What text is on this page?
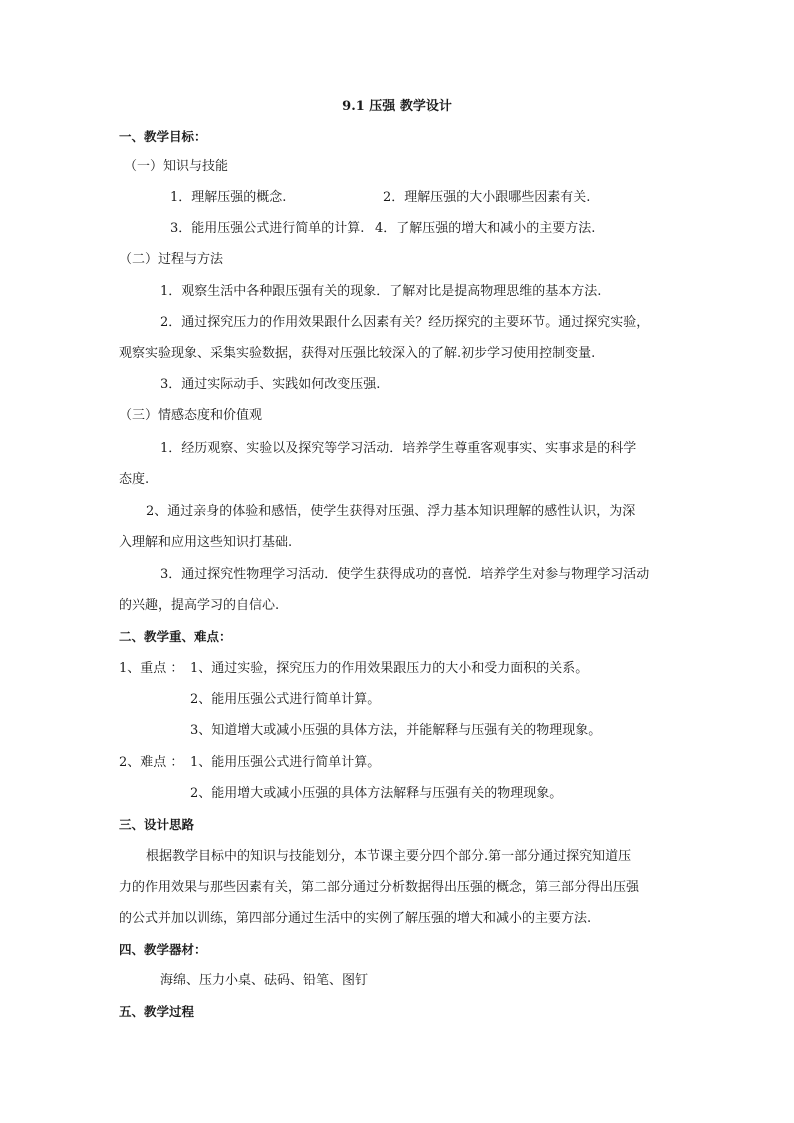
9.1 压强 教学设计
一、教学目标：
（一）知识与技能
1．理解压强的概念.	2．理解压强的大小跟哪些因素有关.
3．能用压强公式进行简单的计算. 4．了解压强的增大和减小的主要方法.
（二）过程与方法
1．观察生活中各种跟压强有关的现象．了解对比是提高物理思维的基本方法.
2．通过探究压力的作用效果跟什么因素有关？经历探究的主要环节。通过探究实验，
观察实验现象、采集实验数据，获得对压强比较深入的了解.初步学习使用控制变量.
3．通过实际动手、实践如何改变压强.
（三）情感态度和价值观
1．经历观察、实验以及探究等学习活动．培养学生尊重客观事实、实事求是的科学
态度.
2、通过亲身的体验和感悟，使学生获得对压强、浮力基本知识理解的感性认识，为深
入理解和应用这些知识打基础.
3．通过探究性物理学习活动．使学生获得成功的喜悦．培养学生对参与物理学习活动
的兴趣，提高学习的自信心.
二、教学重、难点：
1、重点 ： 1、通过实验，探究压力的作用效果跟压力的大小和受力面积的关系。
2、能用压强公式进行简单计算。
3、知道增大或减小压强的具体方法，并能解释与压强有关的物理现象。
2、难点 ： 1、能用压强公式进行简单计算。
2、能用增大或减小压强的具体方法解释与压强有关的物理现象。
三、设计思路
根据教学目标中的知识与技能划分，本节课主要分四个部分.第一部分通过探究知道压
力的作用效果与那些因素有关，第二部分通过分析数据得出压强的概念，第三部分得出压强
的公式并加以训练，第四部分通过生活中的实例了解压强的增大和减小的主要方法.
四、教学器材：
海绵、压力小桌、砝码、铅笔、图钉
五、教学过程
